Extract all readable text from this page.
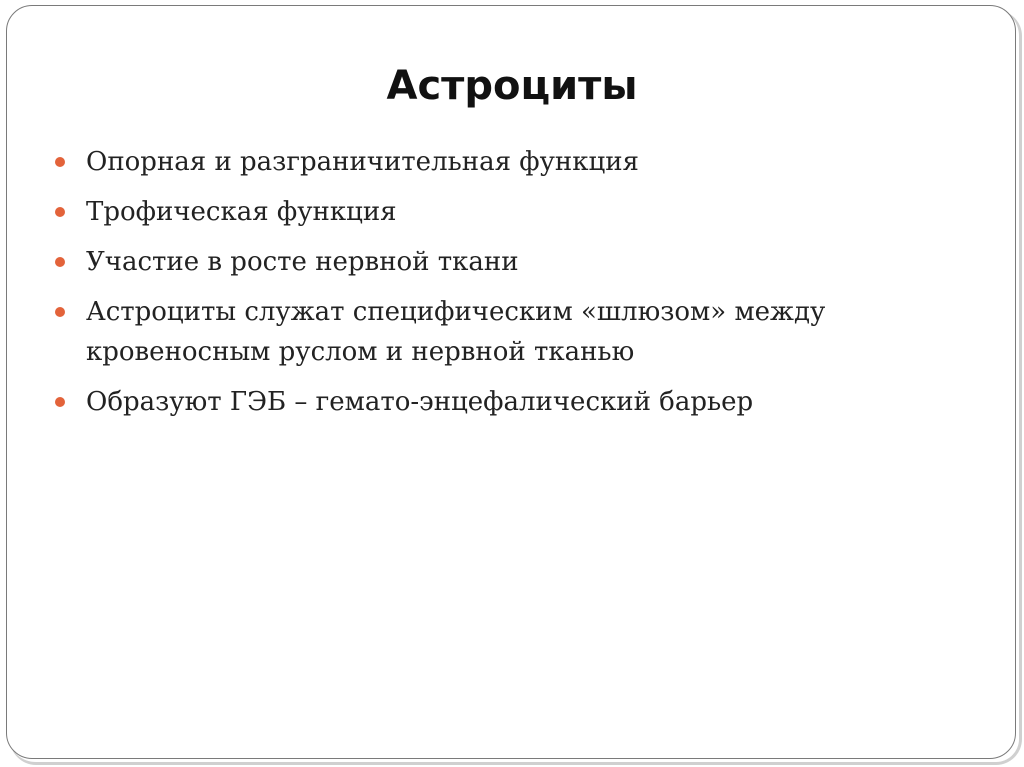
Астроциты
Опорная и разграничительная функция
Трофическая функция
Участие в росте нервной ткани
Астроциты служат специфическим «шлюзом» между кровеносным руслом и нервной тканью
Образуют ГЭБ – гемато-энцефалический барьер
